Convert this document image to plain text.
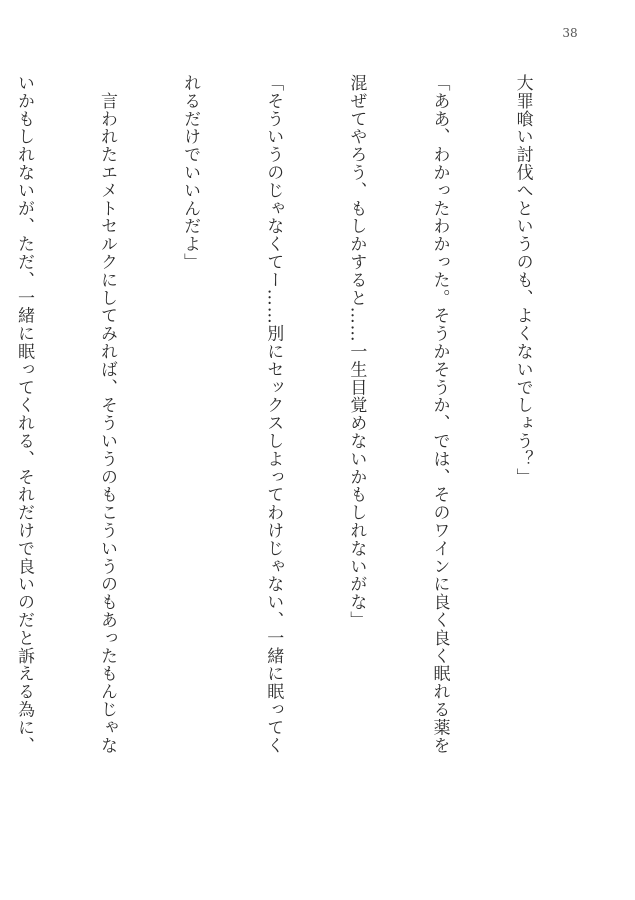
38

大罪喰い討伐へというのも、よくないでしょう？」

「ああ、わかったわかった。そうかそうか、では、そのワインに良く良く眠れる薬を

混ぜてやろう、もしかすると……一生目覚めないかもしれないがな」

「そういうのじゃなくてー……別にセックスしよってわけじゃない、一緒に眠ってく

れるだけでいいんだよ」

　言われたエメトセルクにしてみれば、そういうのもこういうのもあったもんじゃな

いかもしれないが、ただ、一緒に眠ってくれる、それだけで良いのだと訴える為に、
